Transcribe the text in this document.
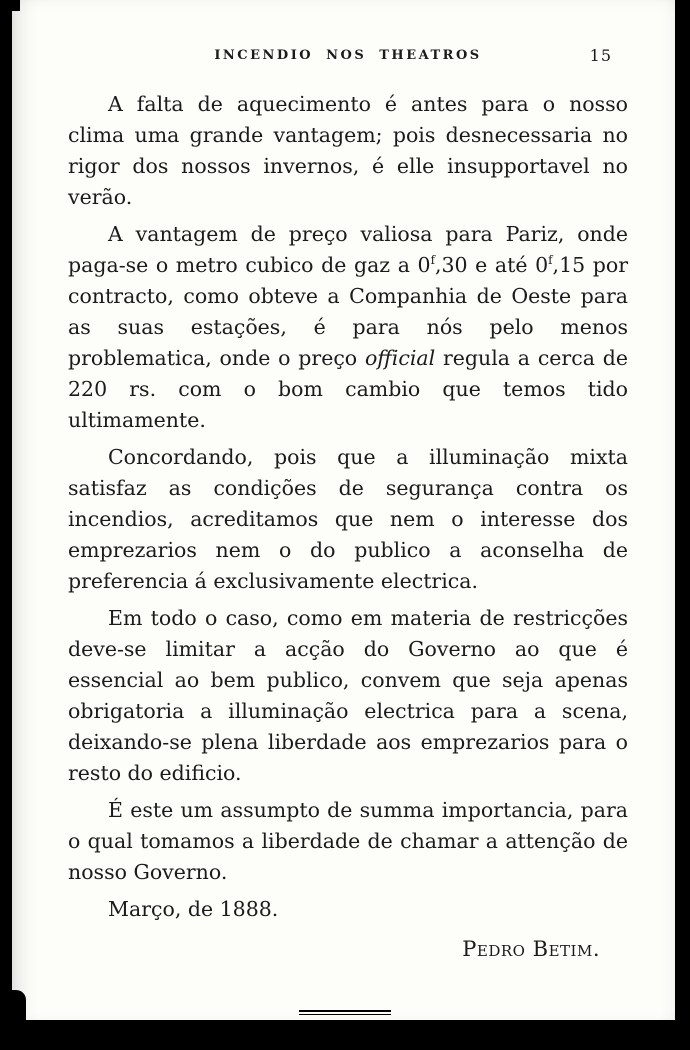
INCENDIO NOS THEATROS	15

A falta de aquecimento é antes para o nosso clima uma grande vantagem; pois desnecessaria no rigor dos nossos invernos, é elle insupportavel no verão.

A vantagem de preço valiosa para Pariz, onde paga-se o metro cubico de gaz a 0$^f$,30 e até 0$^f$,15 por contracto, como obteve a Companhia de Oeste para as suas estações, é para nós pelo menos problematica, onde o preço official regula a cerca de 220 rs. com o bom cambio que temos tido ultimamente.

Concordando, pois que a illuminação mixta satisfaz as condições de segurança contra os incendios, acreditamos que nem o interesse dos emprezarios nem o do publico a aconselha de preferencia á exclusivamente electrica.

Em todo o caso, como em materia de restricções deve-se limitar a acção do Governo ao que é essencial ao bem publico, convem que seja apenas obrigatoria a illuminação electrica para a scena, deixando-se plena liberdade aos emprezarios para o resto do edificio.

É este um assumpto de summa importancia, para o qual tomamos a liberdade de chamar a attenção de nosso Governo.

Março, de 1888.

Pedro Betim.
